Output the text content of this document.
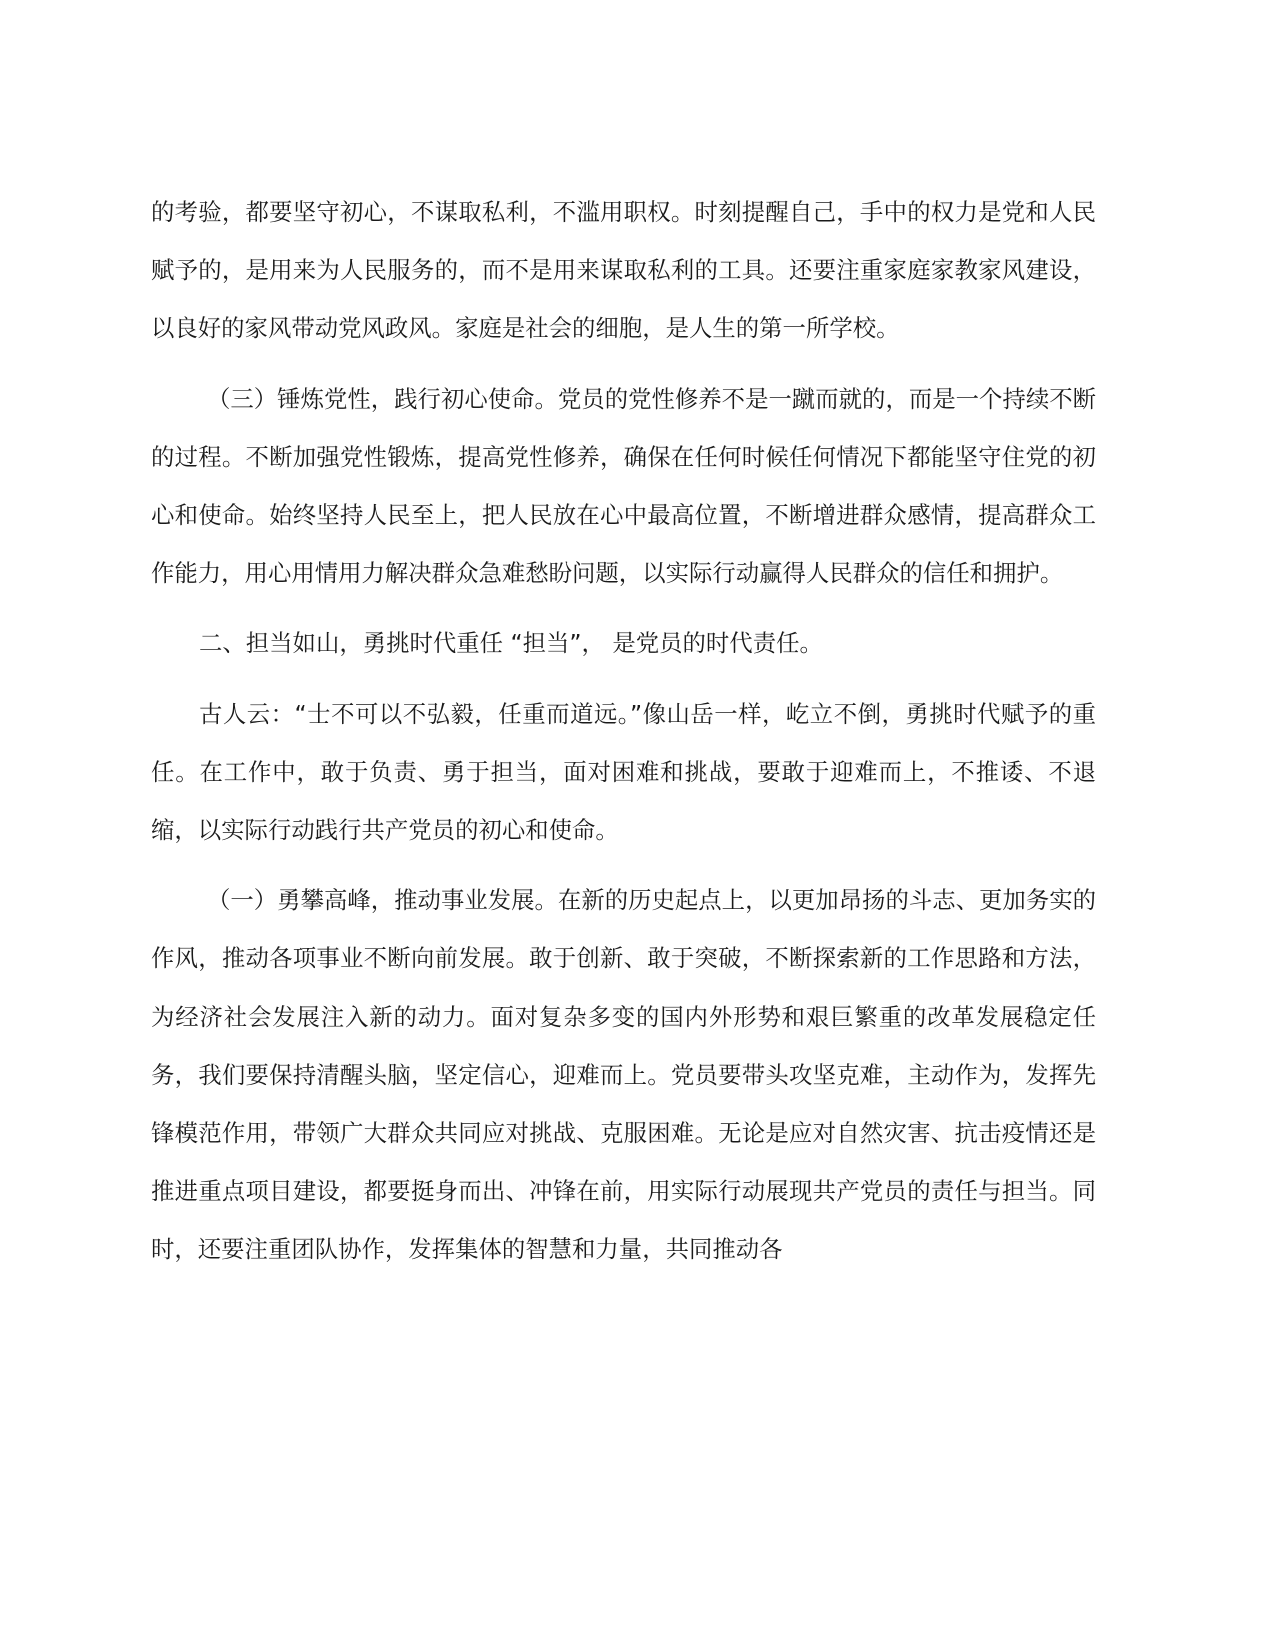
的考验，都要坚守初心，不谋取私利，不滥用职权。时刻提醒自己，手中的权力是党和人民赋予的，是用来为人民服务的，而不是用来谋取私利的工具。还要注重家庭家教家风建设，以良好的家风带动党风政风。家庭是社会的细胞，是人生的第一所学校。

（三）锤炼党性，践行初心使命。党员的党性修养不是一蹴而就的，而是一个持续不断的过程。不断加强党性锻炼，提高党性修养，确保在任何时候任何情况下都能坚守住党的初心和使命。始终坚持人民至上，把人民放在心中最高位置，不断增进群众感情，提高群众工作能力，用心用情用力解决群众急难愁盼问题，以实际行动赢得人民群众的信任和拥护。

二、担当如山，勇挑时代重任 “担当”， 是党员的时代责任。

古人云：“士不可以不弘毅，任重而道远。”像山岳一样，屹立不倒，勇挑时代赋予的重任。在工作中，敢于负责、勇于担当，面对困难和挑战，要敢于迎难而上，不推诿、不退缩，以实际行动践行共产党员的初心和使命。

（一）勇攀高峰，推动事业发展。在新的历史起点上，以更加昂扬的斗志、更加务实的作风，推动各项事业不断向前发展。敢于创新、敢于突破，不断探索新的工作思路和方法，为经济社会发展注入新的动力。面对复杂多变的国内外形势和艰巨繁重的改革发展稳定任务，我们要保持清醒头脑，坚定信心，迎难而上。党员要带头攻坚克难，主动作为，发挥先锋模范作用，带领广大群众共同应对挑战、克服困难。无论是应对自然灾害、抗击疫情还是推进重点项目建设，都要挺身而出、冲锋在前，用实际行动展现共产党员的责任与担当。同时，还要注重团队协作，发挥集体的智慧和力量，共同推动各
